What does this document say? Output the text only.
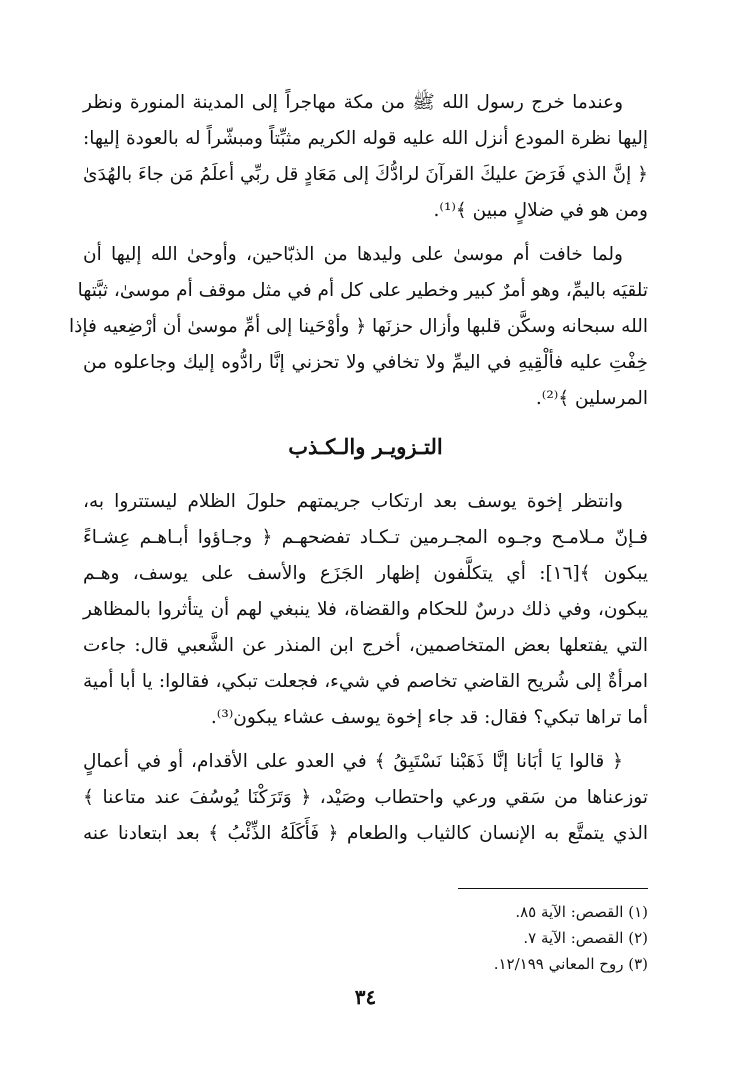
وعندما خرج رسول الله ﷺ من مكة مهاجراً إلى المدينة المنورة ونظر
إليها نظرة المودع أنزل الله عليه قوله الكريم مثبِّتاً ومبشّراً له بالعودة إليها:
﴿ إنَّ الذي فَرَضَ عليكَ القرآنَ لرادُّكَ إلى مَعَادٍ قل ربِّي أعلَمُ مَن جاءَ بالهُدَىٰ
ومن هو في ضلالٍ مبين ﴾⁽¹⁾.
ولما خافت أم موسىٰ على وليدها من الذبّاحين، وأوحىٰ الله إليها أن
تلقيَه باليمِّ، وهو أمرٌ كبير وخطير على كل أم في مثل موقف أم موسىٰ، ثبَّتها
الله سبحانه وسكَّن قلبها وأزال حزنَها ﴿ وأوْحَينا إلى أمِّ موسىٰ أن أرْضِعيه فإذا
خِفْتِ عليه فألْقِيهِ في اليمِّ ولا تخافي ولا تحزني إنَّا رادُّوه إليك وجاعلوه من
المرسلين ﴾⁽²⁾.
التـزويـر والـكـذب
وانتظر إخوة يوسف بعد ارتكاب جريمتهم حلولَ الظلام ليستتروا به،
فـإنّ مـلامـح وجـوه المجـرمين تـكـاد تفضحهـم ﴿ وجـاؤوا أبـاهـم عِشـاءً
يبكون ﴾[١٦]: أي يتكلَّفون إظهار الجَزَع والأسف على يوسف، وهـم
يبكون، وفي ذلك درسٌ للحكام والقضاة، فلا ينبغي لهم أن يتأثروا بالمظاهر
التي يفتعلها بعض المتخاصمين، أخرج ابن المنذر عن الشَّعبي قال: جاءت
امرأةٌ إلى شُريح القاضي تخاصم في شيء، فجعلت تبكي، فقالوا: يا أبا أمية
أما تراها تبكي؟ فقال: قد جاء إخوة يوسف عشاء يبكون⁽³⁾.
﴿ قالوا يَا أبَانا إنَّا ذَهَبْنا نَسْتَبِقُ ﴾ في العدو على الأقدام، أو في أعمالٍ
توزعناها من سَقي ورعي واحتطاب وصَيْد، ﴿ وَتَرَكْنَا يُوسُفَ عند متاعنا ﴾
الذي يتمتَّع به الإنسان كالثياب والطعام ﴿ فَأَكَلَهُ الذِّئْبُ ﴾ بعد ابتعادنا عنه
(١) القصص: الآية ٨٥.
(٢) القصص: الآية ٧.
(٣) روح المعاني ١٢/١٩٩.
٣٤
